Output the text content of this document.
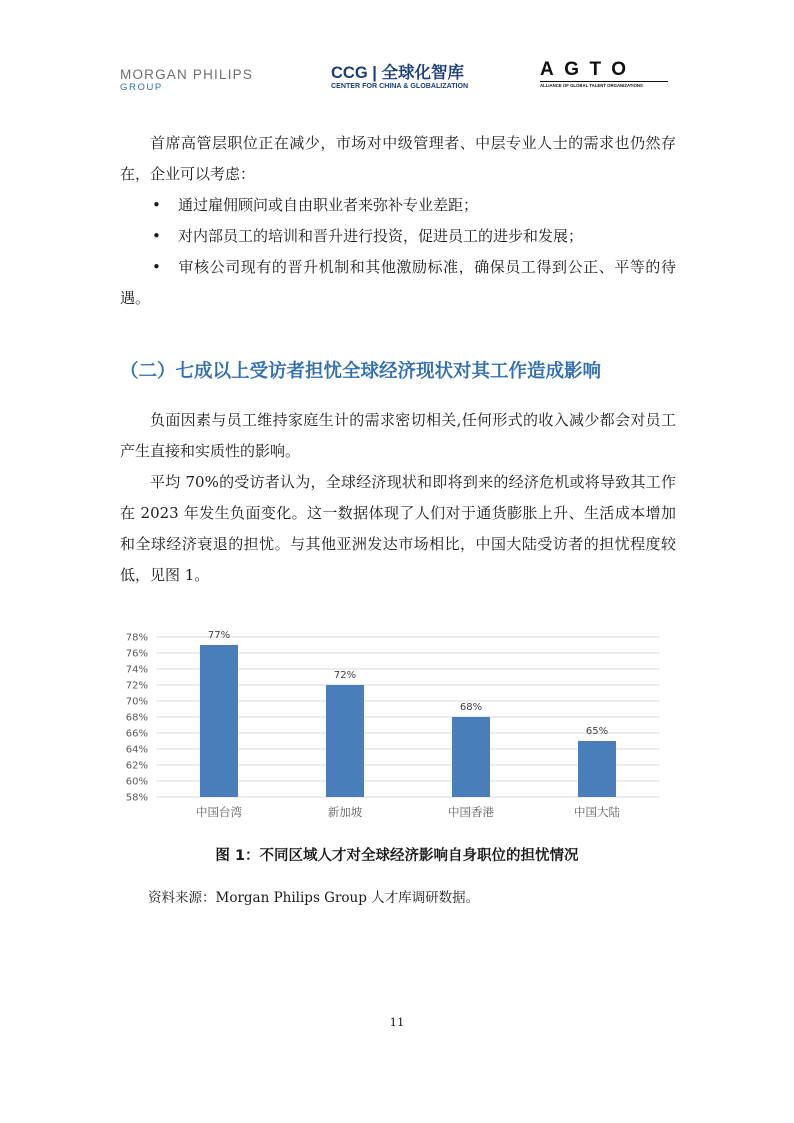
MORGAN PHILIPS
GROUP
CCG | 全球化智库
CENTER FOR CHINA & GLOBALIZATION
AGTO
ALLIANCE OF GLOBAL TALENT ORGANIZATIONS
首席高管层职位正在减少，市场对中级管理者、中层专业人士的需求也仍然存在，企业可以考虑：
• 通过雇佣顾问或自由职业者来弥补专业差距；
• 对内部员工的培训和晋升进行投资，促进员工的进步和发展；
• 审核公司现有的晋升机制和其他激励标准，确保员工得到公正、平等的待遇。
（二）七成以上受访者担忧全球经济现状对其工作造成影响
负面因素与员工维持家庭生计的需求密切相关,任何形式的收入减少都会对员工产生直接和实质性的影响。
平均 70%的受访者认为，全球经济现状和即将到来的经济危机或将导致其工作在 2023 年发生负面变化。这一数据体现了人们对于通货膨胀上升、生活成本增加和全球经济衰退的担忧。与其他亚洲发达市场相比，中国大陆受访者的担忧程度较低，见图 1。
58%
60%
62%
64%
66%
68%
70%
72%
74%
76%
78%	77%
中国台湾
72%
新加坡
68%
中国香港
65%
中国大陆
图 1：不同区域人才对全球经济影响自身职位的担忧情况
资料来源：Morgan Philips Group 人才库调研数据。
11
